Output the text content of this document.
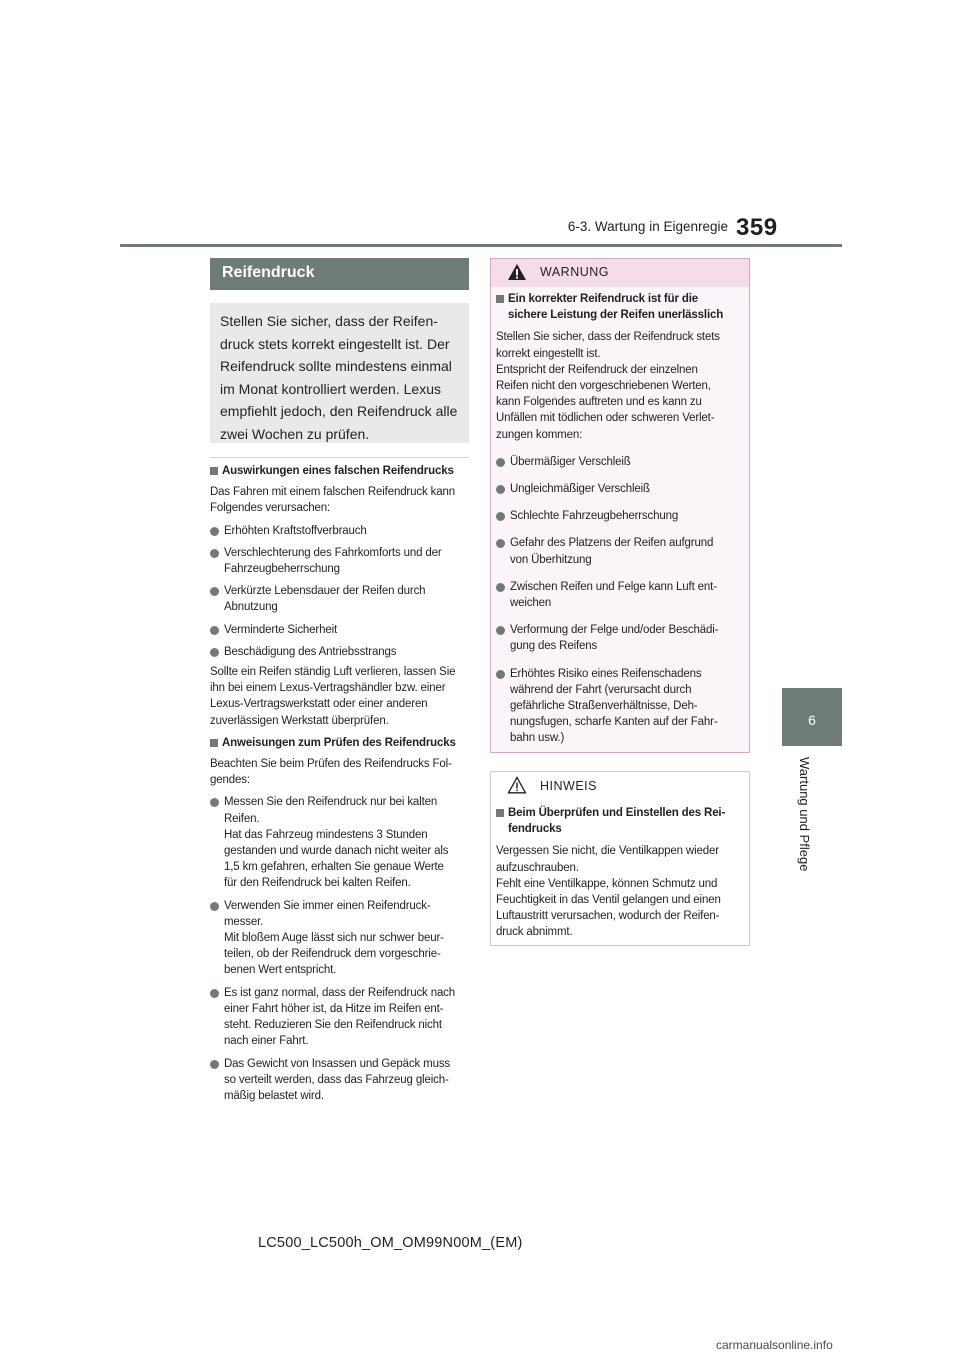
6-3. Wartung in Eigenregie 359
6
Wartung und Pflege
Reifendruck
Stellen Sie sicher, dass der Reifen-
druck stets korrekt eingestellt ist. Der
Reifendruck sollte mindestens einmal
im Monat kontrolliert werden. Lexus
empfiehlt jedoch, den Reifendruck alle
zwei Wochen zu prüfen.

Auswirkungen eines falschen Reifendrucks

Das Fahren mit einem falschen Reifendruck kann

Folgendes verursachen:

Erhöhten Kraftstoffverbrauch

Verschlechterung des Fahrkomforts und der

Fahrzeugbeherrschung

Verkürzte Lebensdauer der Reifen durch

Abnutzung

Verminderte Sicherheit

Beschädigung des Antriebsstrangs

Sollte ein Reifen ständig Luft verlieren, lassen Sie

ihn bei einem Lexus-Vertragshändler bzw. einer

Lexus-Vertragswerkstatt oder einer anderen

zuverlässigen Werkstatt überprüfen.

Anweisungen zum Prüfen des Reifendrucks

Beachten Sie beim Prüfen des Reifendrucks Fol-

gendes:

Messen Sie den Reifendruck nur bei kalten

Reifen.

Hat das Fahrzeug mindestens 3 Stunden

gestanden und wurde danach nicht weiter als

1,5 km gefahren, erhalten Sie genaue Werte

für den Reifendruck bei kalten Reifen.

Verwenden Sie immer einen Reifendruck-

messer.

Mit bloßem Auge lässt sich nur schwer beur-

teilen, ob der Reifendruck dem vorgeschrie-

benen Wert entspricht.

Es ist ganz normal, dass der Reifendruck nach

einer Fahrt höher ist, da Hitze im Reifen ent-

steht. Reduzieren Sie den Reifendruck nicht

nach einer Fahrt.

Das Gewicht von Insassen und Gepäck muss

so verteilt werden, dass das Fahrzeug gleich-

mäßig belastet wird.

WARNUNG

Ein korrekter Reifendruck ist für die

sichere Leistung der Reifen unerlässlich

Stellen Sie sicher, dass der Reifendruck stets

korrekt eingestellt ist.

Entspricht der Reifendruck der einzelnen

Reifen nicht den vorgeschriebenen Werten,

kann Folgendes auftreten und es kann zu

Unfällen mit tödlichen oder schweren Verlet-

zungen kommen:

Übermäßiger Verschleiß

Ungleichmäßiger Verschleiß

Schlechte Fahrzeugbeherrschung

Gefahr des Platzens der Reifen aufgrund

von Überhitzung

Zwischen Reifen und Felge kann Luft ent-

weichen

Verformung der Felge und/oder Beschädi-

gung des Reifens

Erhöhtes Risiko eines Reifenschadens

während der Fahrt (verursacht durch

gefährliche Straßenverhältnisse, Deh-

nungsfugen, scharfe Kanten auf der Fahr-

bahn usw.)

HINWEIS

Beim Überprüfen und Einstellen des Rei-

fendrucks

Vergessen Sie nicht, die Ventilkappen wieder

aufzuschrauben.

Fehlt eine Ventilkappe, können Schmutz und

Feuchtigkeit in das Ventil gelangen und einen

Luftaustritt verursachen, wodurch der Reifen-

druck abnimmt.

LC500_LC500h_OM_OM99N00M_(EM)
carmanualsonline.info
